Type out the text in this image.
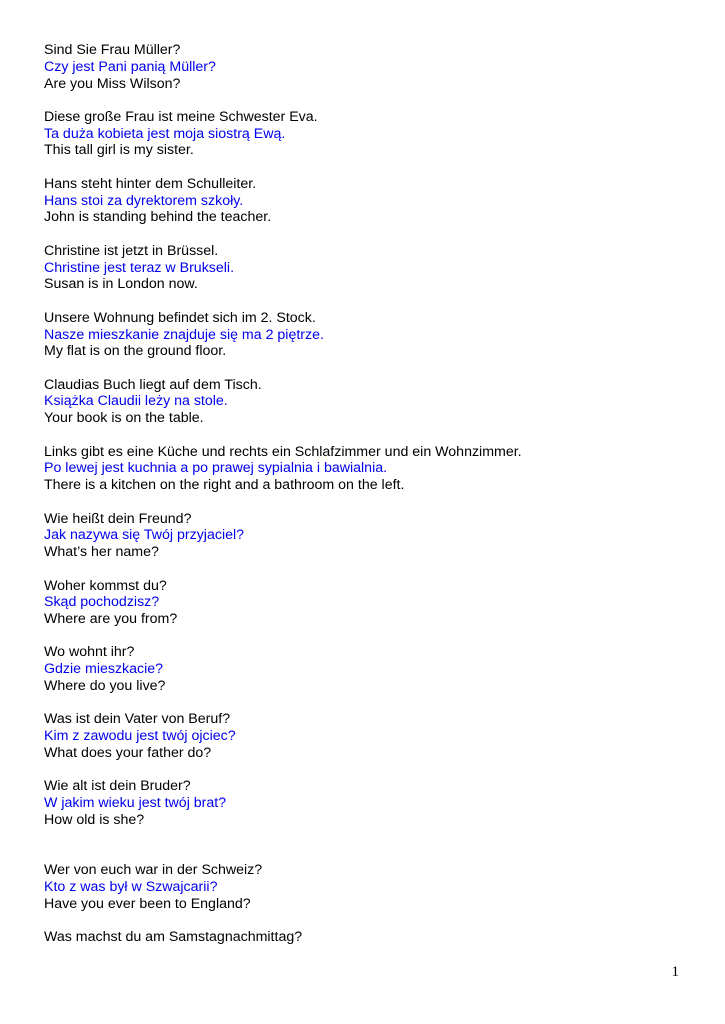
Sind Sie Frau Müller?
Czy jest Pani panią Müller?
Are you Miss Wilson?
Diese große Frau ist meine Schwester Eva.
Ta duża kobieta jest moja siostrą Ewą.
This tall girl is my sister.
Hans steht hinter dem Schulleiter.
Hans stoi za dyrektorem szkoły.
John is standing behind the teacher.
Christine ist jetzt in Brüssel.
Christine jest teraz w Brukseli.
Susan is in London now.
Unsere Wohnung befindet sich im 2. Stock.
Nasze mieszkanie znajduje się ma 2 piętrze.
My flat is on the ground floor.
Claudias Buch liegt auf dem Tisch.
Książka Claudii leży na stole.
Your book is on the table.
Links gibt es eine Küche und rechts ein Schlafzimmer und ein Wohnzimmer.
Po lewej jest kuchnia a po prawej sypialnia i bawialnia.
There is a kitchen on the right and a bathroom on the left.
Wie heißt dein Freund?
Jak nazywa się Twój przyjaciel?
What’s her name?
Woher kommst du?
Skąd pochodzisz?
Where are you from?
Wo wohnt ihr?
Gdzie mieszkacie?
Where do you live?
Was ist dein Vater von Beruf?
Kim z zawodu jest twój ojciec?
What does your father do?
Wie alt ist dein Bruder?
W jakim wieku jest twój brat?
How old is she?
Wer von euch war in der Schweiz?
Kto z was był w Szwajcarii?
Have you ever been to England?
Was machst du am Samstagnachmittag?
1
